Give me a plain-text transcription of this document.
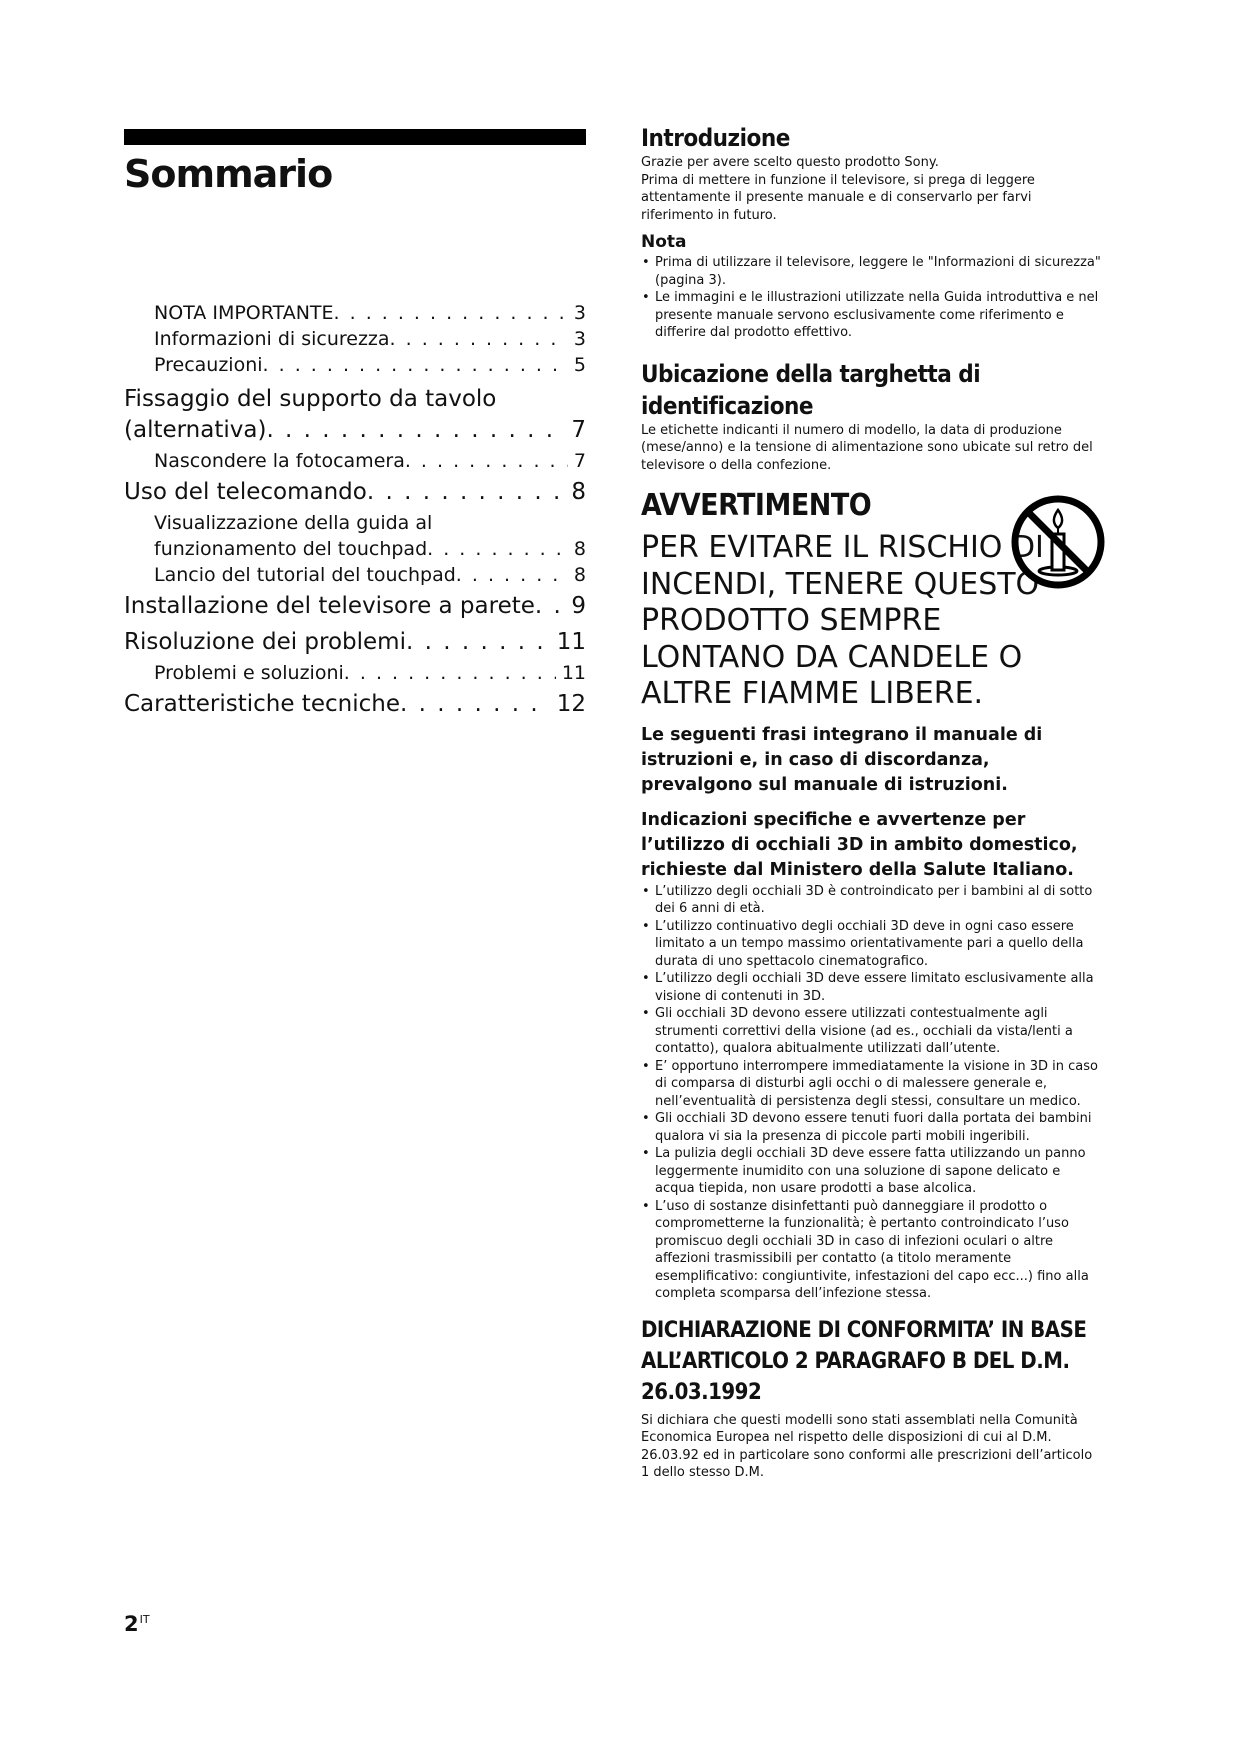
Sommario
NOTA IMPORTANTE . . .	3
Informazioni di sicurezza . . .	3
Precauzioni . . .	5
Fissaggio del supporto da tavolo
(alternativa) . . .	7
Nascondere la fotocamera . . .	7
Uso del telecomando . . .	8
Visualizzazione della guida al
funzionamento del touchpad . . .	8
Lancio del tutorial del touchpad . . .	8
Installazione del televisore a parete . . . 9
Risoluzione dei problemi . . .	11
Problemi e soluzioni . . .	11
Caratteristiche tecniche . . .	12
Introduzione

Grazie per avere scelto questo prodotto Sony.

Prima di mettere in funzione il televisore, si prega di leggere attentamente il presente manuale e di conservarlo per farvi riferimento in futuro.

Nota

• Prima di utilizzare il televisore, leggere le "Informazioni di sicurezza" (pagina 3).
• Le immagini e le illustrazioni utilizzate nella Guida introduttiva e nel presente manuale servono esclusivamente come riferimento e differire dal prodotto effettivo.
Ubicazione della targhetta di identificazione

Le etichette indicanti il numero di modello, la data di produzione (mese/anno) e la tensione di alimentazione sono ubicate sul retro del televisore o della confezione.

AVVERTIMENTO

PER EVITARE IL RISCHIO DI INCENDI, TENERE QUESTO PRODOTTO SEMPRE LONTANO DA CANDELE O ALTRE FIAMME LIBERE.

Le seguenti frasi integrano il manuale di istruzioni e, in caso di discordanza, prevalgono sul manuale di istruzioni.

Indicazioni specifiche e avvertenze per l’utilizzo di occhiali 3D in ambito domestico, richieste dal Ministero della Salute Italiano.

• L’utilizzo degli occhiali 3D è controindicato per i bambini al di sotto dei 6 anni di età.
• L’utilizzo continuativo degli occhiali 3D deve in ogni caso essere limitato a un tempo massimo orientativamente pari a quello della durata di uno spettacolo cinematografico.
• L’utilizzo degli occhiali 3D deve essere limitato esclusivamente alla visione di contenuti in 3D.
• Gli occhiali 3D devono essere utilizzati contestualmente agli strumenti correttivi della visione (ad es., occhiali da vista/lenti a contatto), qualora abitualmente utilizzati dall’utente.
• E’ opportuno interrompere immediatamente la visione in 3D in caso di comparsa di disturbi agli occhi o di malessere generale e, nell’eventualità di persistenza degli stessi, consultare un medico.
• Gli occhiali 3D devono essere tenuti fuori dalla portata dei bambini qualora vi sia la presenza di piccole parti mobili ingeribili.
• La pulizia degli occhiali 3D deve essere fatta utilizzando un panno leggermente inumidito con una soluzione di sapone delicato e acqua tiepida, non usare prodotti a base alcolica.
• L’uso di sostanze disinfettanti può danneggiare il prodotto o comprometterne la funzionalità; è pertanto controindicato l’uso promiscuo degli occhiali 3D in caso di infezioni oculari o altre affezioni trasmissibili per contatto (a titolo meramente esemplificativo: congiuntivite, infestazioni del capo ecc...) fino alla completa scomparsa dell’infezione stessa.
DICHIARAZIONE DI CONFORMITA’ IN BASE ALL’ARTICOLO 2 PARAGRAFO B DEL D.M. 26.03.1992

Si dichiara che questi modelli sono stati assemblati nella Comunità Economica Europea nel rispetto delle disposizioni di cui al D.M. 26.03.92 ed in particolare sono conformi alle prescrizioni dell’articolo 1 dello stesso D.M.

$2^{IT}$
